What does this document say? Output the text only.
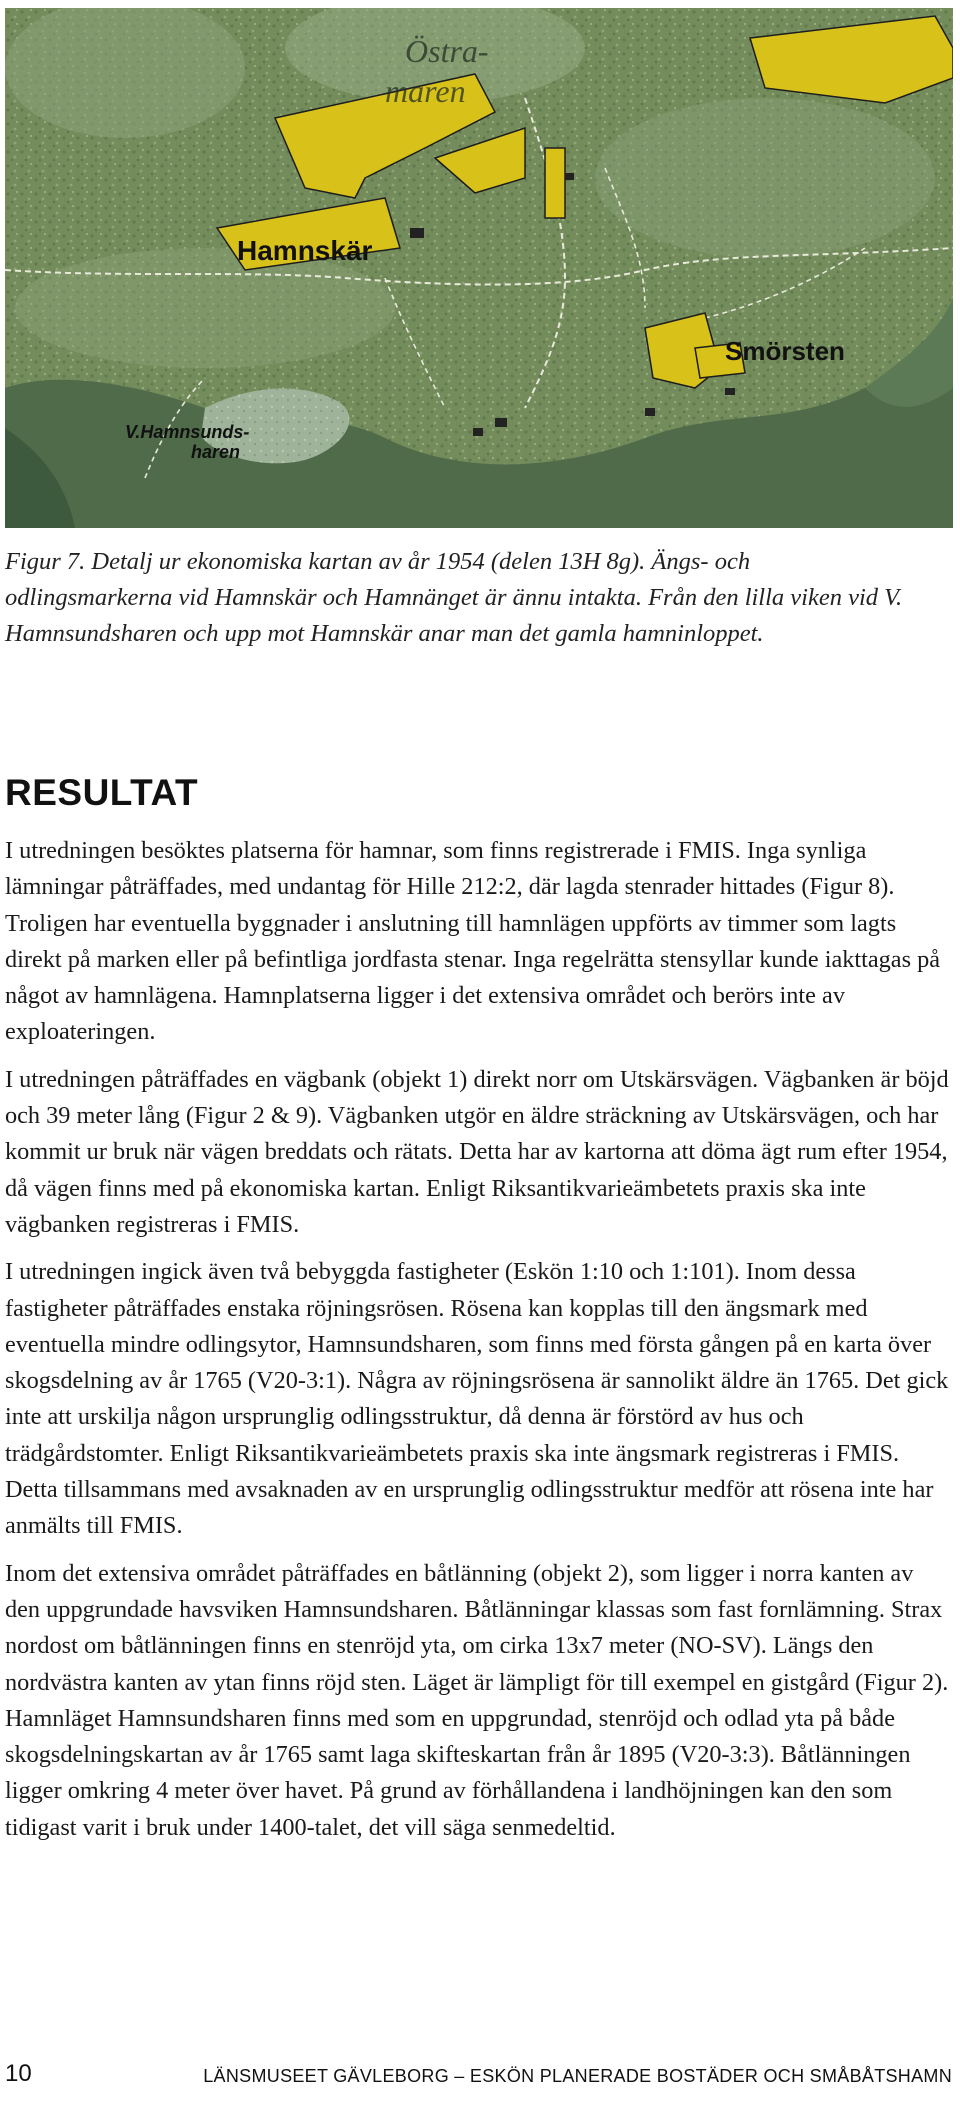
Östra-
maren
Hamnskär
Smörsten
V.Hamnsunds-
haren

Figur 7. Detalj ur ekonomiska kartan av år 1954 (delen 13H 8g). Ängs- och odlingsmarkerna vid Hamnskär och Hamnänget är ännu intakta. Från den lilla viken vid V. Hamnsundsharen och upp mot Hamnskär anar man det gamla hamninloppet.

RESULTAT

I utredningen besöktes platserna för hamnar, som finns registrerade i FMIS. Inga synliga lämningar påträffades, med undantag för Hille 212:2, där lagda stenrader hittades (Figur 8). Troligen har eventuella byggnader i anslutning till hamnlägen uppförts av timmer som lagts direkt på marken eller på befintliga jordfasta stenar. Inga regelrätta stensyllar kunde iakttagas på något av hamnlägena. Hamnplatserna ligger i det extensiva området och berörs inte av exploateringen.

I utredningen påträffades en vägbank (objekt 1) direkt norr om Utskärsvägen. Vägbanken är böjd och 39 meter lång (Figur 2 & 9). Vägbanken utgör en äldre sträckning av Utskärsvägen, och har kommit ur bruk när vägen breddats och rätats. Detta har av kartorna att döma ägt rum efter 1954, då vägen finns med på ekonomiska kartan. Enligt Riksantikvarieämbetets praxis ska inte vägbanken registreras i FMIS.

I utredningen ingick även två bebyggda fastigheter (Eskön 1:10 och 1:101). Inom dessa fastigheter påträffades enstaka röjningsrösen. Rösena kan kopplas till den ängsmark med eventuella mindre odlingsytor, Hamnsundsharen, som finns med första gången på en karta över skogsdelning av år 1765 (V20-3:1). Några av röjningsrösena är sannolikt äldre än 1765. Det gick inte att urskilja någon ursprunglig odlingsstruktur, då denna är förstörd av hus och trädgårdstomter. Enligt Riksantikvarieämbetets praxis ska inte ängsmark registreras i FMIS. Detta tillsammans med avsaknaden av en ursprunglig odlingsstruktur medför att rösena inte har anmälts till FMIS.

Inom det extensiva området påträffades en båtlänning (objekt 2), som ligger i norra kanten av den uppgrundade havsviken Hamnsundsharen. Båtlänningar klassas som fast fornlämning. Strax nordost om båtlänningen finns en stenröjd yta, om cirka 13x7 meter (NO-SV). Längs den nordvästra kanten av ytan finns röjd sten. Läget är lämpligt för till exempel en gistgård (Figur 2). Hamnläget Hamnsundsharen finns med som en uppgrundad, stenröjd och odlad yta på både skogsdelningskartan av år 1765 samt laga skifteskartan från år 1895 (V20-3:3). Båtlänningen ligger omkring 4 meter över havet. På grund av förhållandena i landhöjningen kan den som tidigast varit i bruk under 1400-talet, det vill säga senmedeltid.

10	LÄNSMUSEET GÄVLEBORG – ESKÖN PLANERADE BOSTÄDER OCH SMÅBÅTSHAMN
